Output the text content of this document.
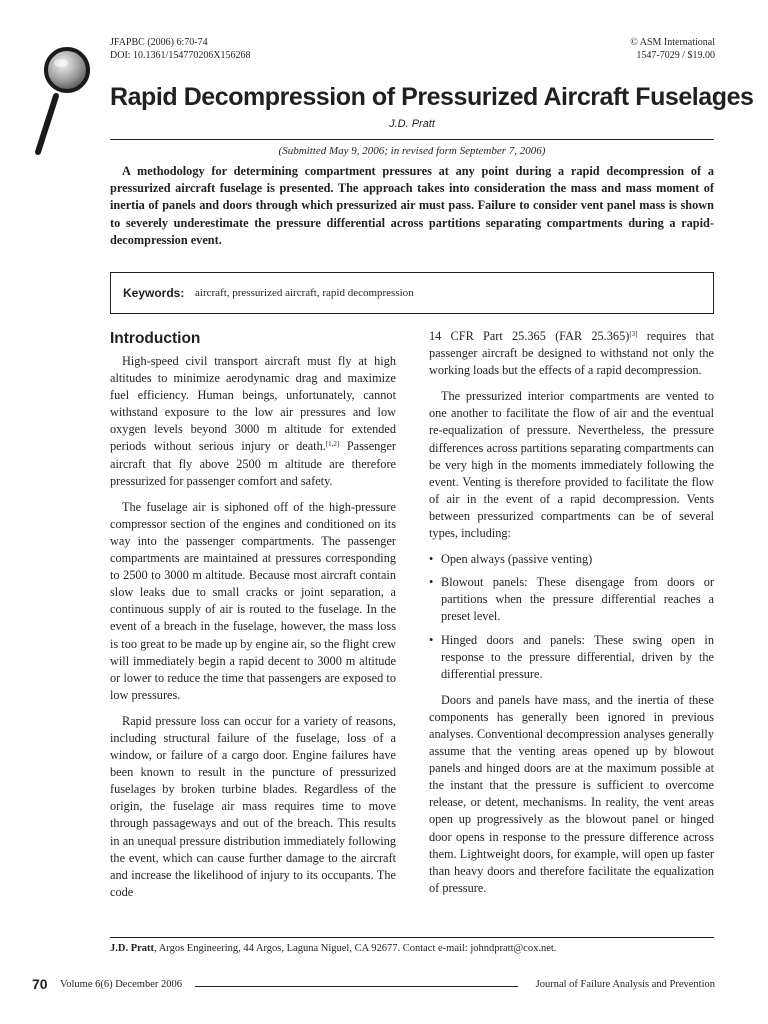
JFAPBC (2006) 6:70-74
DOI: 10.1361/154770206X156268
© ASM International
1547-7029 / $19.00
Rapid Decompression of Pressurized Aircraft Fuselages
J.D. Pratt
(Submitted May 9, 2006; in revised form September 7, 2006)

A methodology for determining compartment pressures at any point during a rapid decompression of a pressurized aircraft fuselage is presented. The approach takes into consideration the mass and mass moment of inertia of panels and doors through which pressurized air must pass. Failure to consider vent panel mass is shown to severely underestimate the pressure differential across partitions separating compartments during a rapid-decompression event.

Keywords: aircraft, pressurized aircraft, rapid decompression
Introduction

High-speed civil transport aircraft must fly at high altitudes to minimize aerodynamic drag and maximize fuel efficiency. Human beings, unfortunately, cannot withstand exposure to the low air pressures and low oxygen levels beyond 3000 m altitude for extended periods without serious injury or death.[1,2] Passenger aircraft that fly above 2500 m altitude are therefore pressurized for passenger comfort and safety.

The fuselage air is siphoned off of the high-pressure compressor section of the engines and conditioned on its way into the passenger compartments. The passenger compartments are maintained at pressures corresponding to 2500 to 3000 m altitude. Because most aircraft contain slow leaks due to small cracks or joint separation, a continuous supply of air is routed to the fuselage. In the event of a breach in the fuselage, however, the mass loss is too great to be made up by engine air, so the flight crew will immediately begin a rapid decent to 3000 m altitude or lower to reduce the time that passengers are exposed to low pressures.

Rapid pressure loss can occur for a variety of reasons, including structural failure of the fuselage, loss of a window, or failure of a cargo door. Engine failures have been known to result in the puncture of pressurized fuselages by broken turbine blades. Regardless of the origin, the fuselage air mass requires time to move through passageways and out of the breach. This results in an unequal pressure distribution immediately following the event, which can cause further damage to the aircraft and increase the likelihood of injury to its occupants. The code

14 CFR Part 25.365 (FAR 25.365)[3] requires that passenger aircraft be designed to withstand not only the working loads but the effects of a rapid decompression.

The pressurized interior compartments are vented to one another to facilitate the flow of air and the eventual re-equalization of pressure. Nevertheless, the pressure differences across partitions separating compartments can be very high in the moments immediately following the event. Venting is therefore provided to facilitate the flow of air in the event of a rapid decompression. Vents between pressurized compartments can be of several types, including:

• Open always (passive venting)
• Blowout panels: These disengage from doors or partitions when the pressure differential reaches a preset level.
• Hinged doors and panels: These swing open in response to the pressure differential, driven by the differential pressure.

Doors and panels have mass, and the inertia of these components has generally been ignored in previous analyses. Conventional decompression analyses generally assume that the venting areas opened up by blowout panels and hinged doors are at the maximum possible at the instant that the pressure is sufficient to overcome release, or detent, mechanisms. In reality, the vent areas open up progressively as the blowout panel or hinged door opens in response to the pressure difference across them. Lightweight doors, for example, will open up faster than heavy doors and therefore facilitate the equalization of pressure.

J.D. Pratt, Argos Engineering, 44 Argos, Laguna Niguel, CA 92677. Contact e-mail: johndpratt@cox.net.
70 Volume 6(6) December 2006	Journal of Failure Analysis and Prevention
